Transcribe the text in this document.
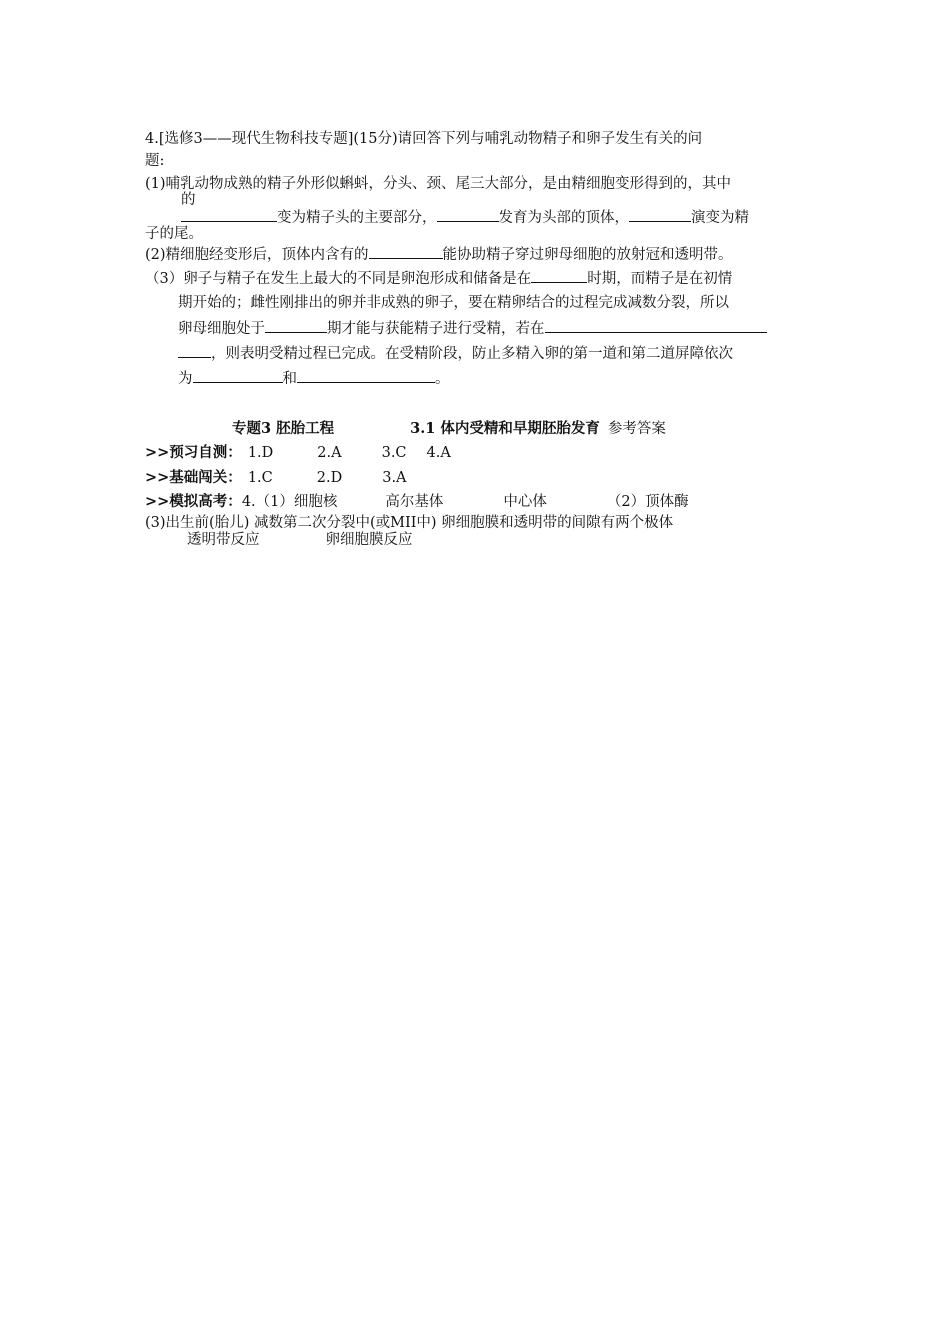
4.[选修3——现代生物科技专题](15分)请回答下列与哺乳动物精子和卵子发生有关的问
题:
(1)哺乳动物成熟的精子外形似蝌蚪，分头、颈、尾三大部分，是由精细胞变形得到的，其中
的
变为精子头的主要部分，	发育为头部的顶体，	演变为精
子的尾。
(2)精细胞经变形后，顶体内含有的	能协助精子穿过卵母细胞的放射冠和透明带。
（3）卵子与精子在发生上最大的不同是卵泡形成和储备是在	时期，而精子是在初情
期开始的；雌性刚排出的卵并非成熟的卵子，要在精卵结合的过程完成减数分裂，所以
卵母细胞处于	期才能与获能精子进行受精，若在
，则表明受精过程已完成。在受精阶段，防止多精入卵的第一道和第二道屏障依次
为	和	。
专题3 胚胎工程	3.1 体内受精和早期胚胎发育 参考答案
>>预习自测： 1.D	2.A	3.C 4.A
>>基础闯关： 1.C	2.D	3.A
>>模拟高考：4.（1）细胞核	高尔基体	中心体	（2）顶体酶
(3)出生前(胎儿) 减数第二次分裂中(或MII中) 卵细胞膜和透明带的间隙有两个极体
透明带反应	卵细胞膜反应
